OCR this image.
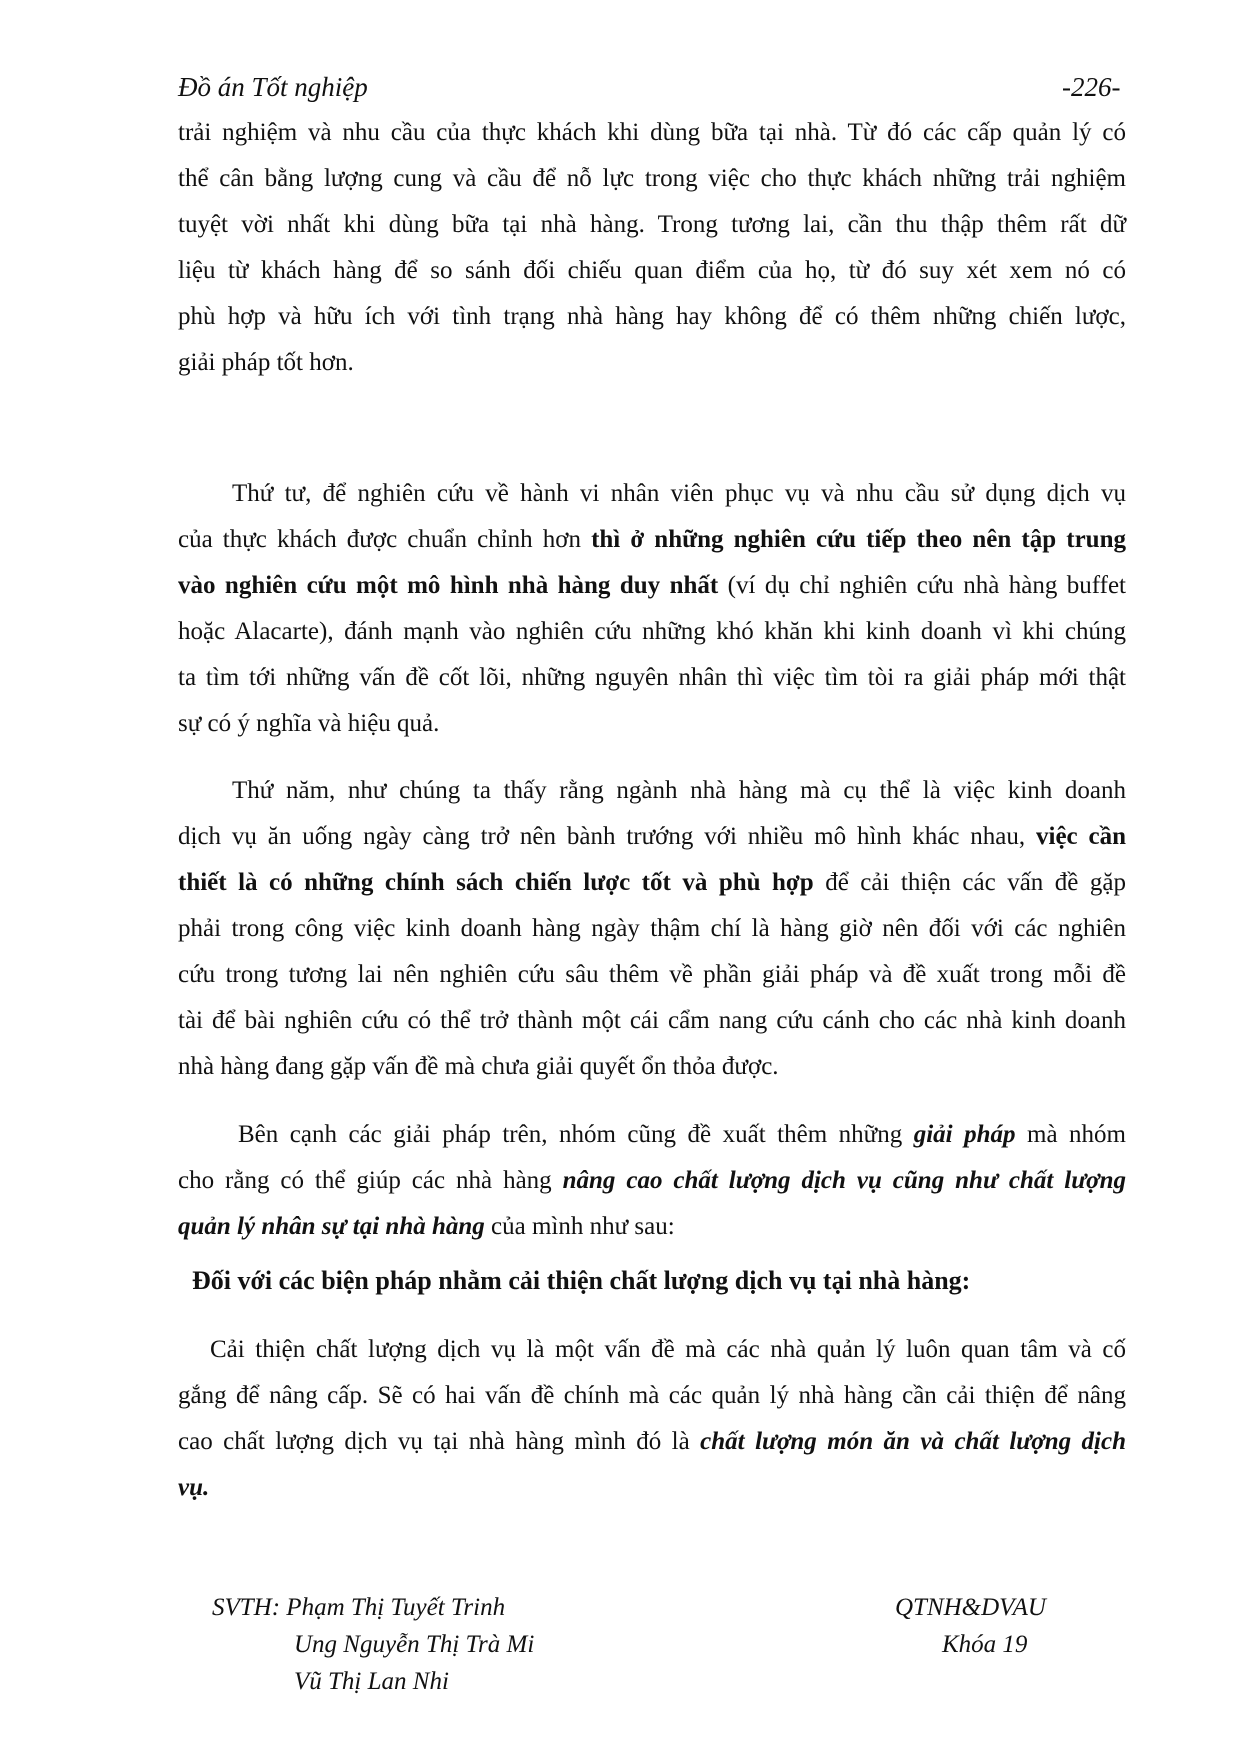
Đồ án Tốt nghiệp	-226-
trải nghiệm và nhu cầu của thực khách khi dùng bữa tại nhà. Từ đó các cấp quản lý có
thể cân bằng lượng cung và cầu để nỗ lực trong việc cho thực khách những trải nghiệm
tuyệt vời nhất khi dùng bữa tại nhà hàng. Trong tương lai, cần thu thập thêm rất dữ
liệu từ khách hàng để so sánh đối chiếu quan điểm của họ, từ đó suy xét xem nó có
phù hợp và hữu ích với tình trạng nhà hàng hay không để có thêm những chiến lược,
giải pháp tốt hơn.
Thứ tư, để nghiên cứu về hành vi nhân viên phục vụ và nhu cầu sử dụng dịch vụ
của thực khách được chuẩn chỉnh hơn thì ở những nghiên cứu tiếp theo nên tập trung
vào nghiên cứu một mô hình nhà hàng duy nhất (ví dụ chỉ nghiên cứu nhà hàng buffet
hoặc Alacarte), đánh mạnh vào nghiên cứu những khó khăn khi kinh doanh vì khi chúng
ta tìm tới những vấn đề cốt lõi, những nguyên nhân thì việc tìm tòi ra giải pháp mới thật
sự có ý nghĩa và hiệu quả.
Thứ năm, như chúng ta thấy rằng ngành nhà hàng mà cụ thể là việc kinh doanh
dịch vụ ăn uống ngày càng trở nên bành trướng với nhiều mô hình khác nhau, việc cần
thiết là có những chính sách chiến lược tốt và phù hợp để cải thiện các vấn đề gặp
phải trong công việc kinh doanh hàng ngày thậm chí là hàng giờ nên đối với các nghiên
cứu trong tương lai nên nghiên cứu sâu thêm về phần giải pháp và đề xuất trong mỗi đề
tài để bài nghiên cứu có thể trở thành một cái cẩm nang cứu cánh cho các nhà kinh doanh
nhà hàng đang gặp vấn đề mà chưa giải quyết ổn thỏa được.
Bên cạnh các giải pháp trên, nhóm cũng đề xuất thêm những giải pháp mà nhóm
cho rằng có thể giúp các nhà hàng nâng cao chất lượng dịch vụ cũng như chất lượng
quản lý nhân sự tại nhà hàng của mình như sau:
Đối với các biện pháp nhằm cải thiện chất lượng dịch vụ tại nhà hàng:
Cải thiện chất lượng dịch vụ là một vấn đề mà các nhà quản lý luôn quan tâm và cố
gắng để nâng cấp. Sẽ có hai vấn đề chính mà các quản lý nhà hàng cần cải thiện để nâng
cao chất lượng dịch vụ tại nhà hàng mình đó là chất lượng món ăn và chất lượng dịch
vụ.
SVTH: Phạm Thị Tuyết Trinh
Ung Nguyễn Thị Trà Mi
Vũ Thị Lan Nhi
QTNH&DVAU
Khóa 19
